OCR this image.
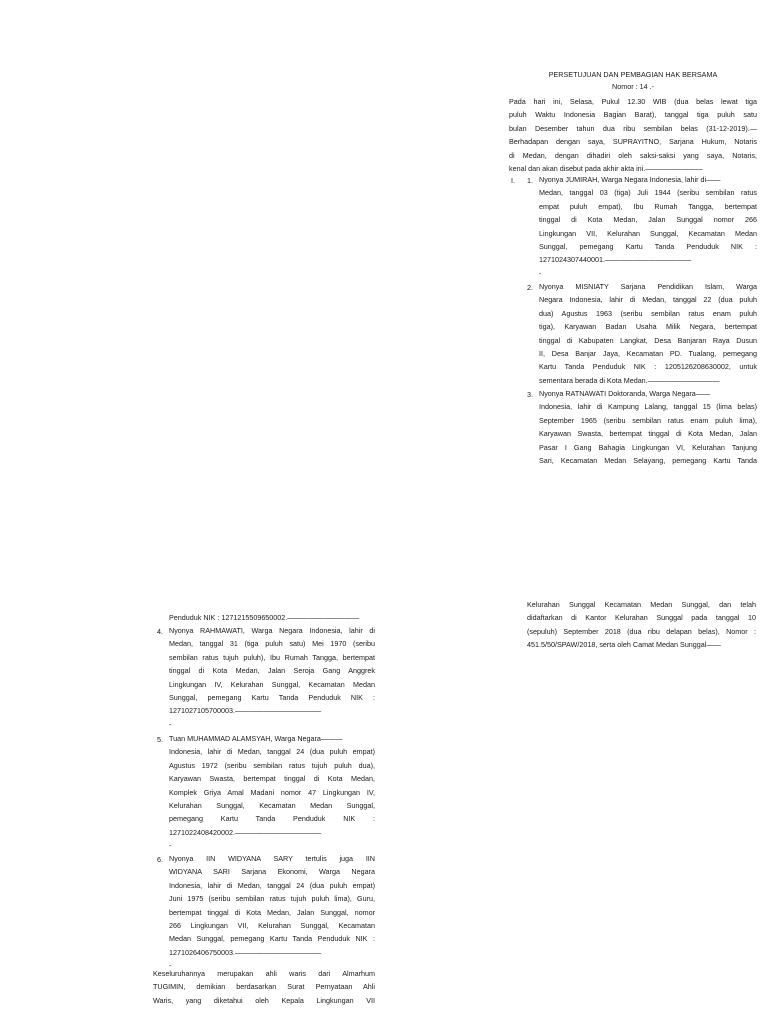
PERSETUJUAN DAN PEMBAGIAN HAK BERSAMA
Nomor : 14 .-
Pada hari ini, Selasa, Pukul 12.30 WIB (dua belas lewat tiga
puluh Waktu Indonesia Bagian Barat), tanggal tiga puluh satu
bulan Desember tahun dua ribu sembilan belas (31-12-2019).—
Berhadapan dengan saya, SUPRAYITNO, Sarjana Hukum, Notaris
di Medan, dengan dihadiri oleh saksi-saksi yang saya, Notaris,
kenal dan akan disebut pada akhir akta ini.————————
I. 1. Nyonya JUMIRAH, Warga Negara Indonesia, lahir di——
Medan, tanggal 03 (tiga) Juli 1944 (seribu sembilan ratus
empat puluh empat), Ibu Rumah Tangga, bertempat
tinggal di Kota Medan, Jalan Sunggal nomor 266
Lingkungan VII, Kelurahan Sunggal, Kecamatan Medan
Sunggal, pemegang Kartu Tanda Penduduk NIK :
1271024307440001.————————————
-
2. Nyonya MISNIATY Sarjana Pendidikan Islam, Warga
Negara Indonesia, lahir di Medan, tanggal 22 (dua puluh
dua) Agustus 1963 (seribu sembilan ratus enam puluh
tiga), Karyawan Badan Usaha Milik Negara, bertempat
tinggal di Kabupaten Langkat, Desa Banjaran Raya Dusun
II, Desa Banjar Jaya, Kecamatan PD. Tualang, pemegang
Kartu Tanda Penduduk NIK : 1205126208630002, untuk
sementara berada di Kota Medan.——————————
3. Nyonya RATNAWATI Doktoranda, Warga Negara——
Indonesia, lahir di Kampung Lalang, tanggal 15 (lima belas)
September 1965 (seribu sembilan ratus enam puluh lima),
Karyawan Swasta, bertempat tinggal di Kota Medan, Jalan
Pasar I Gang Bahagia Lingkungan VI, Kelurahan Tanjung
Sari, Kecamatan Medan Selayang, pemegang Kartu Tanda
Penduduk NIK : 1271215509650002.——————————
4. Nyonya RAHMAWATI, Warga Negara Indonesia, lahir di
Medan, tanggal 31 (tiga puluh satu) Mei 1970 (seribu
sembilan ratus tujuh puluh), Ibu Rumah Tangga, bertempat
tinggal di Kota Medan, Jalan Seroja Gang Anggrek
Lingkungan IV, Kelurahan Sunggal, Kecamatan Medan
Sunggal, pemegang Kartu Tanda Penduduk NIK :
1271027105700003.————————————
-
5. Tuan MUHAMMAD ALAMSYAH, Warga Negara———
Indonesia, lahir di Medan, tanggal 24 (dua puluh empat)
Agustus 1972 (seribu sembilan ratus tujuh puluh dua),
Karyawan Swasta, bertempat tinggal di Kota Medan,
Komplek Griya Amal Madani nomor 47 Lingkungan IV,
Kelurahan Sunggal, Kecamatan Medan Sunggal,
pemegang Kartu Tanda Penduduk NIK :
1271022408420002.————————————
-
6. Nyonya IIN WIDYANA SARY tertulis juga IIN
WIDYANA SARI Sarjana Ekonomi, Warga Negara
Indonesia, lahir di Medan, tanggal 24 (dua puluh empat)
Juni 1975 (seribu sembilan ratus tujuh puluh lima), Guru,
bertempat tinggal di Kota Medan, Jalan Sunggal, nomor
266 Lingkungan VII, Kelurahan Sunggal, Kecamatan
Medan Sunggal, pemegang Kartu Tanda Penduduk NIK :
1271026406750003.————————————
-
Keseluruhannya merupakan ahli waris dari Almarhum
TUGIMIN, demikian berdasarkan Surat Pernyataan Ahli
Waris, yang diketahui oleh Kepala Lingkungan VII
Kelurahan Sunggal Kecamatan Medan Sunggal, dan telah
didaftarkan di Kantor Kelurahan Sunggal pada tanggal 10
(sepuluh) September 2018 (dua ribu delapan belas), Nomor :
451.5/50/SPAW/2018, serta oleh Camat Medan Sunggal——
